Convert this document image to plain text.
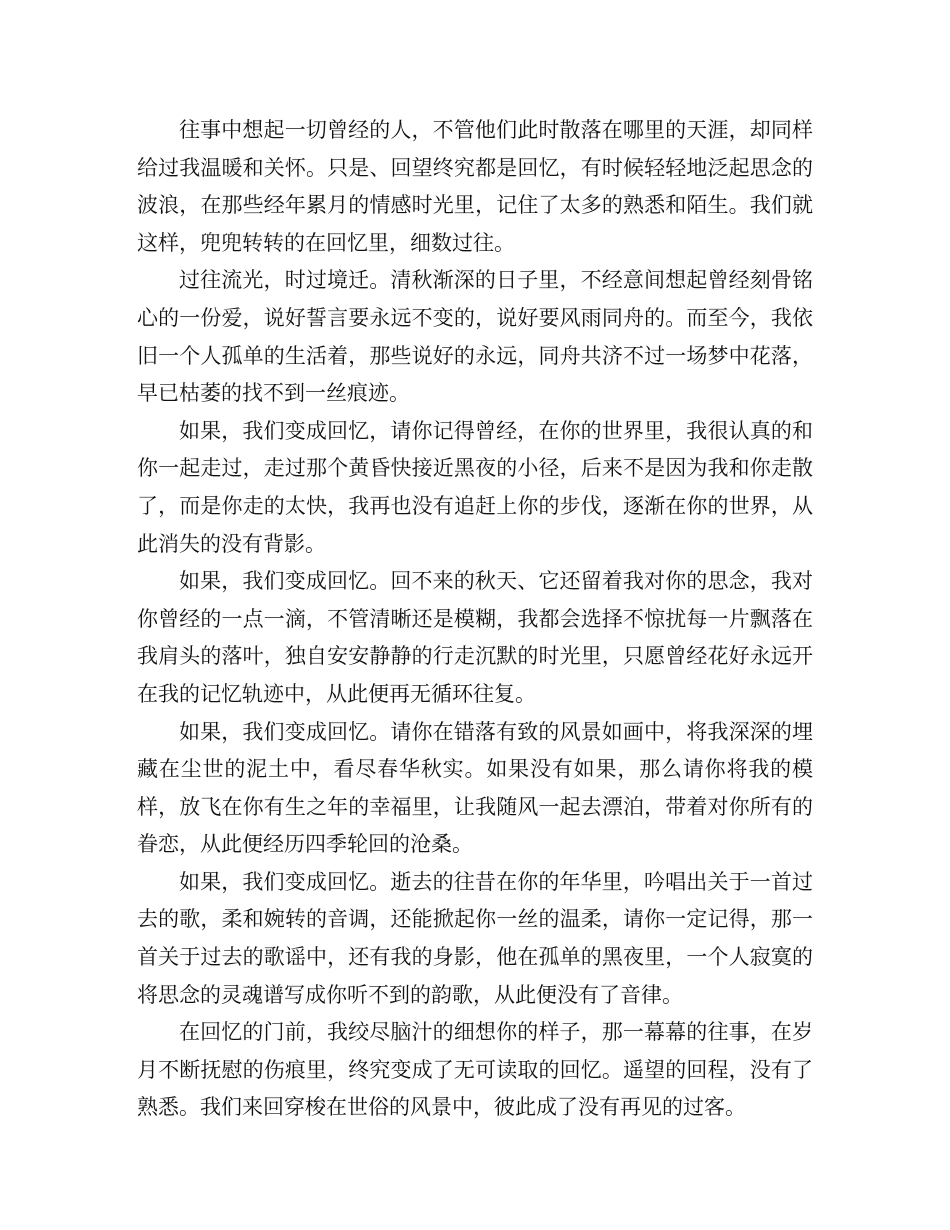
往事中想起一切曾经的人，不管他们此时散落在哪里的天涯，却同样给过我温暖和关怀。只是、回望终究都是回忆，有时候轻轻地泛起思念的波浪，在那些经年累月的情感时光里，记住了太多的熟悉和陌生。我们就这样，兜兜转转的在回忆里，细数过往。

过往流光，时过境迁。清秋渐深的日子里，不经意间想起曾经刻骨铭心的一份爱，说好誓言要永远不变的，说好要风雨同舟的。而至今，我依旧一个人孤单的生活着，那些说好的永远，同舟共济不过一场梦中花落，早已枯萎的找不到一丝痕迹。

如果，我们变成回忆，请你记得曾经，在你的世界里，我很认真的和你一起走过，走过那个黄昏快接近黑夜的小径，后来不是因为我和你走散了，而是你走的太快，我再也没有追赶上你的步伐，逐渐在你的世界，从此消失的没有背影。

如果，我们变成回忆。回不来的秋天、它还留着我对你的思念，我对你曾经的一点一滴，不管清晰还是模糊，我都会选择不惊扰每一片飘落在我肩头的落叶，独自安安静静的行走沉默的时光里，只愿曾经花好永远开在我的记忆轨迹中，从此便再无循环往复。

如果，我们变成回忆。请你在错落有致的风景如画中，将我深深的埋藏在尘世的泥土中，看尽春华秋实。如果没有如果，那么请你将我的模样，放飞在你有生之年的幸福里，让我随风一起去漂泊，带着对你所有的眷恋，从此便经历四季轮回的沧桑。

如果，我们变成回忆。逝去的往昔在你的年华里，吟唱出关于一首过去的歌，柔和婉转的音调，还能掀起你一丝的温柔，请你一定记得，那一首关于过去的歌谣中，还有我的身影，他在孤单的黑夜里，一个人寂寞的将思念的灵魂谱写成你听不到的韵歌，从此便没有了音律。

在回忆的门前，我绞尽脑汁的细想你的样子，那一幕幕的往事，在岁月不断抚慰的伤痕里，终究变成了无可读取的回忆。遥望的回程，没有了熟悉。我们来回穿梭在世俗的风景中，彼此成了没有再见的过客。
